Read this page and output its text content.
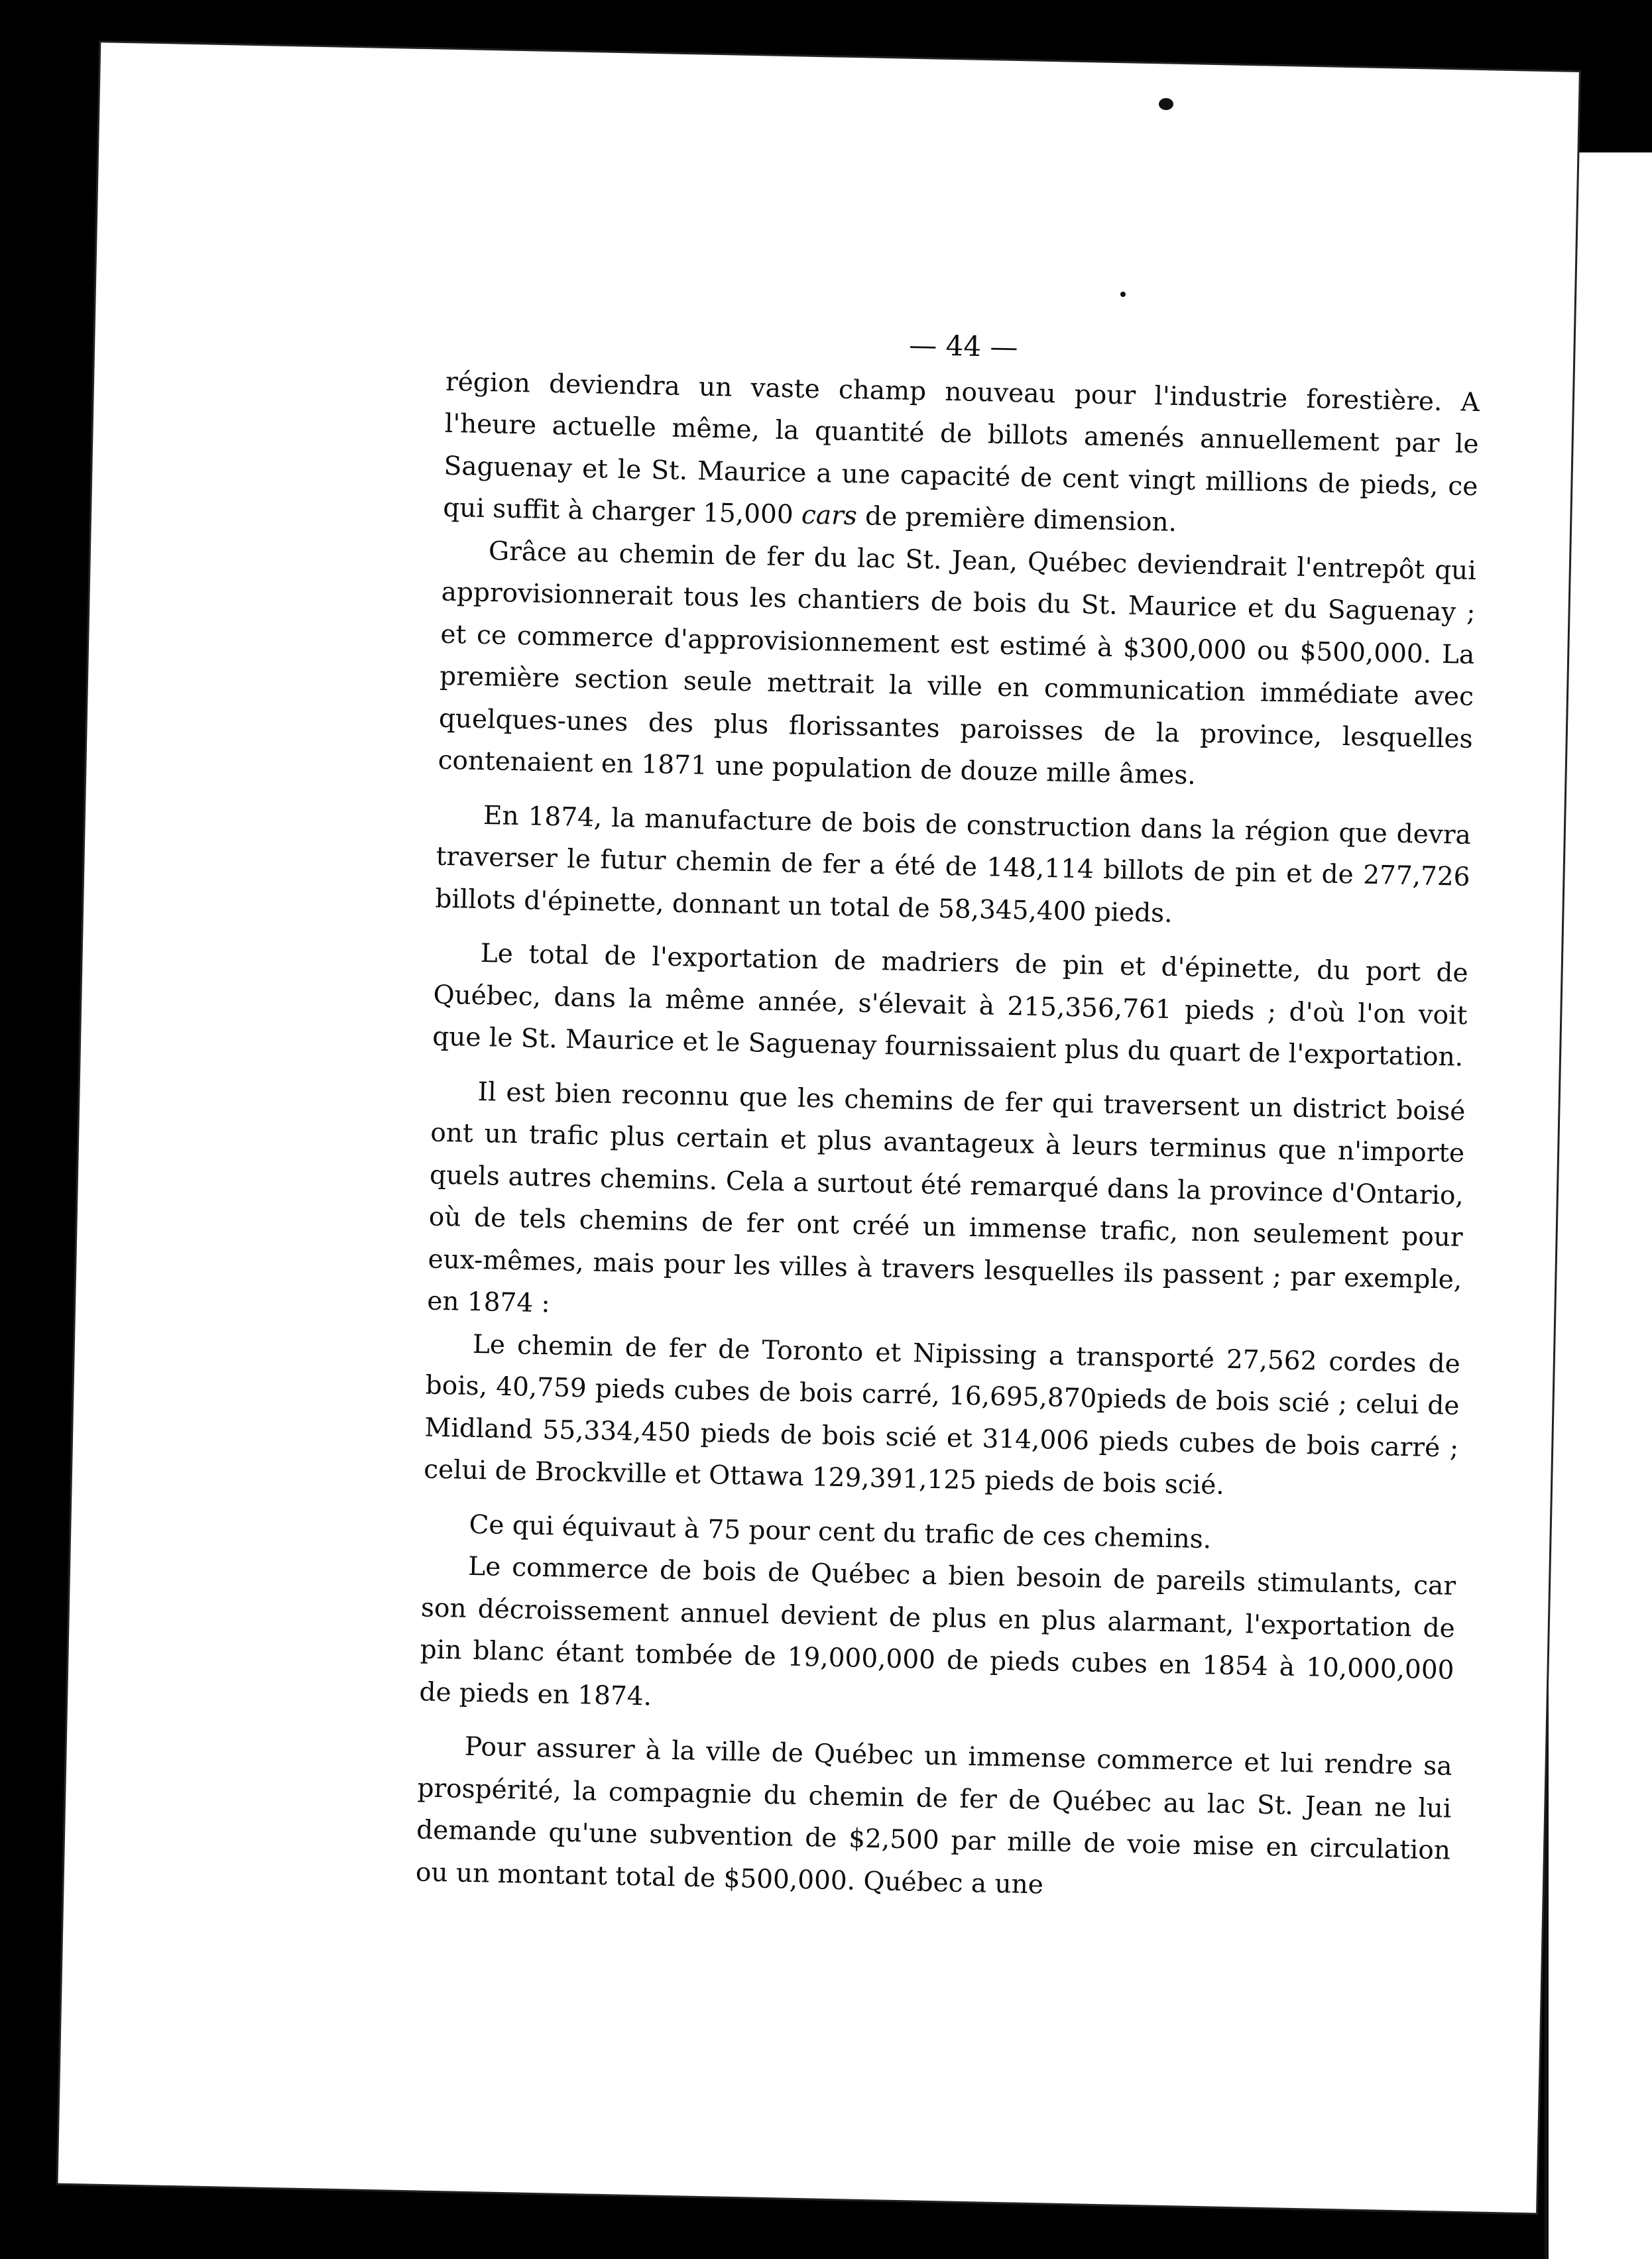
— 44 —

région deviendra un vaste champ nouveau pour l'industrie forestière. A l'heure actuelle même, la quantité de billots amenés annuellement par le Saguenay et le St. Maurice a une capacité de cent vingt millions de pieds, ce qui suffit à charger 15,000 cars de première dimension.

Grâce au chemin de fer du lac St. Jean, Québec deviendrait l'entrepôt qui approvisionnerait tous les chantiers de bois du St. Maurice et du Saguenay ; et ce commerce d'approvisionnement est estimé à $300,000 ou $500,000. La première section seule mettrait la ville en communication immédiate avec quelques-unes des plus florissantes paroisses de la province, lesquelles contenaient en 1871 une population de douze mille âmes.

En 1874, la manufacture de bois de construction dans la région que devra traverser le futur chemin de fer a été de 148,114 billots de pin et de 277,726 billots d'épinette, donnant un total de 58,345,400 pieds.

Le total de l'exportation de madriers de pin et d'épinette, du port de Québec, dans la même année, s'élevait à 215,356,761 pieds ; d'où l'on voit que le St. Maurice et le Saguenay fournissaient plus du quart de l'exportation.

Il est bien reconnu que les chemins de fer qui traversent un district boisé ont un trafic plus certain et plus avantageux à leurs terminus que n'importe quels autres chemins. Cela a surtout été remarqué dans la province d'Ontario, où de tels chemins de fer ont créé un immense trafic, non seulement pour eux-mêmes, mais pour les villes à travers lesquelles ils passent ; par exemple, en 1874 :

Le chemin de fer de Toronto et Nipissing a transporté 27,562 cordes de bois, 40,759 pieds cubes de bois carré, 16,695,870pieds de bois scié ; celui de Midland 55,334,450 pieds de bois scié et 314,006 pieds cubes de bois carré ; celui de Brockville et Ottawa 129,391,125 pieds de bois scié.

Ce qui équivaut à 75 pour cent du trafic de ces chemins.

Le commerce de bois de Québec a bien besoin de pareils stimulants, car son décroissement annuel devient de plus en plus alarmant, l'exportation de pin blanc étant tombée de 19,000,000 de pieds cubes en 1854 à 10,000,000 de pieds en 1874.

Pour assurer à la ville de Québec un immense commerce et lui rendre sa prospérité, la compagnie du chemin de fer de Québec au lac St. Jean ne lui demande qu'une subvention de $2,500 par mille de voie mise en circulation ou un montant total de $500,000. Québec a une
